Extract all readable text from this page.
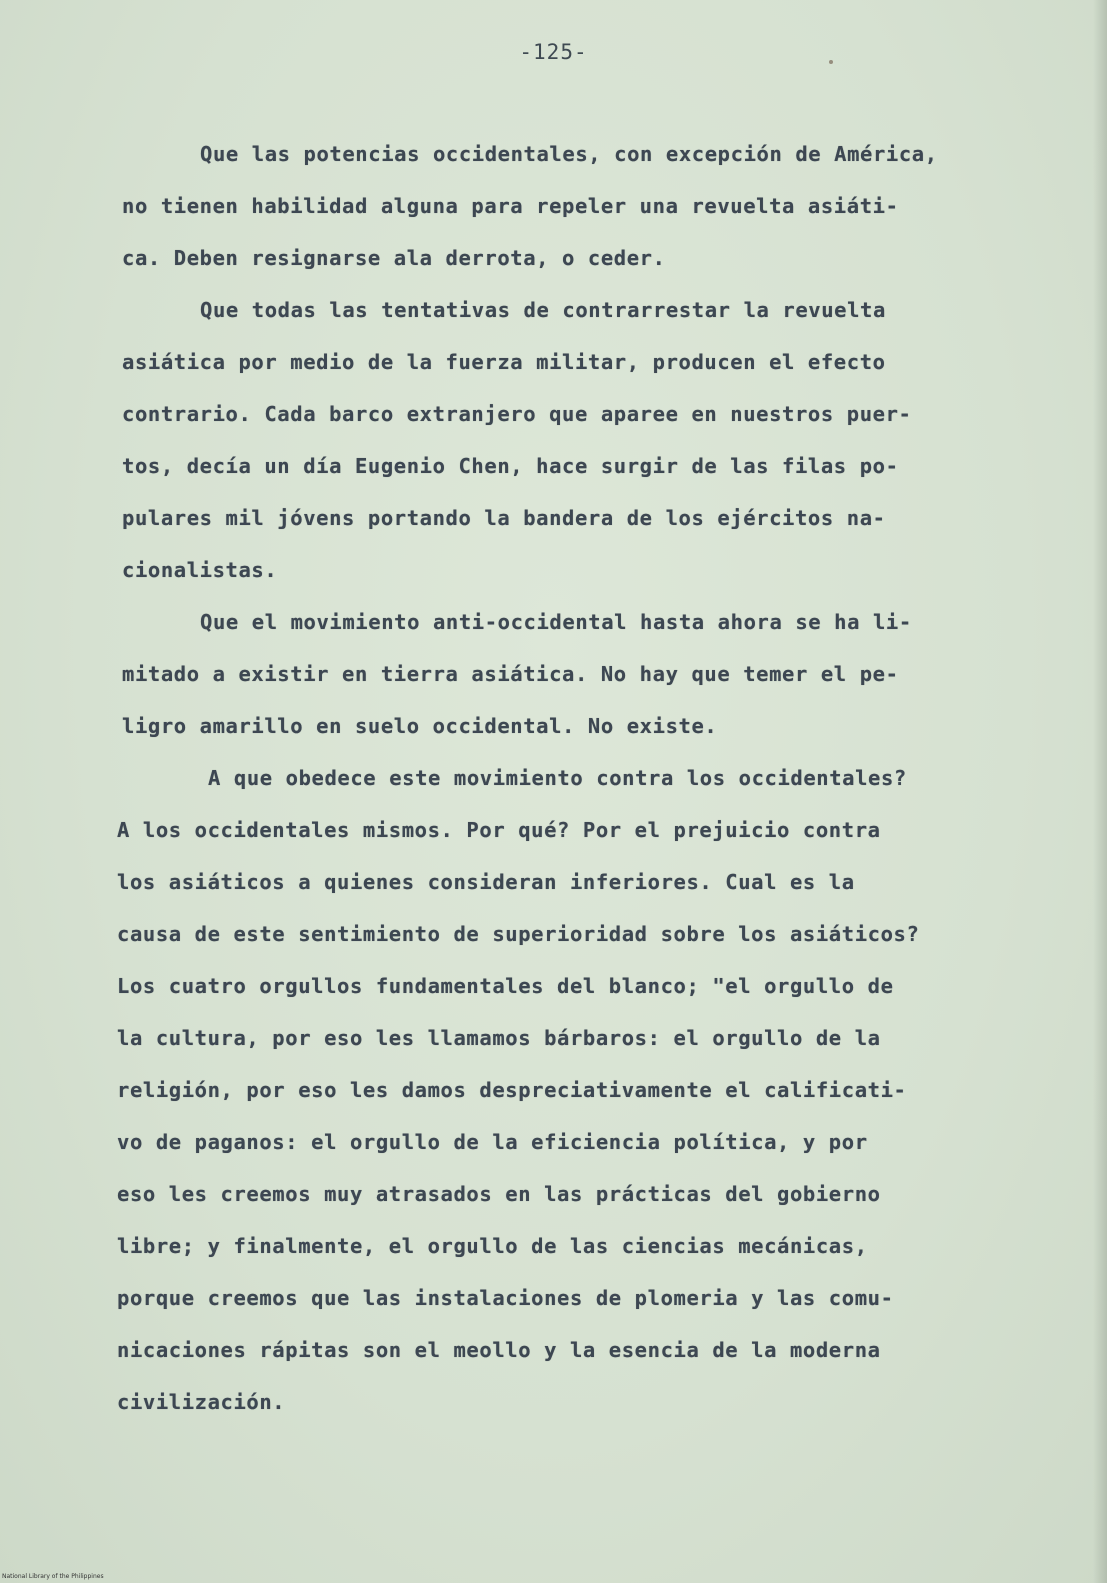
-125-
Que las potencias occidentales, con excepción de América,
no tienen habilidad alguna para repeler una revuelta asiáti-
ca. Deben resignarse ala derrota, o ceder.
Que todas las tentativas de contrarrestar la revuelta
asiática por medio de la fuerza militar, producen el efecto
contrario. Cada barco extranjero que aparee en nuestros puer-
tos, decía un día Eugenio Chen, hace surgir de las filas po-
pulares mil jóvens portando la bandera de los ejércitos na-
cionalistas.
Que el movimiento anti-occidental hasta ahora se ha li-
mitado a existir en tierra asiática. No hay que temer el pe-
ligro amarillo en suelo occidental. No existe.
A que obedece este movimiento contra los occidentales?
A los occidentales mismos. Por qué? Por el prejuicio contra
los asiáticos a quienes consideran inferiores. Cual es la
causa de este sentimiento de superioridad sobre los asiáticos?
Los cuatro orgullos fundamentales del blanco; "el orgullo de
la cultura, por eso les llamamos bárbaros: el orgullo de la
religión, por eso les damos despreciativamente el calificati-
vo de paganos: el orgullo de la eficiencia política, y por
eso les creemos muy atrasados en las prácticas del gobierno
libre; y finalmente, el orgullo de las ciencias mecánicas,
porque creemos que las instalaciones de plomeria y las comu-
nicaciones rápitas son el meollo y la esencia de la moderna
civilización.
National Library of the Philippines
